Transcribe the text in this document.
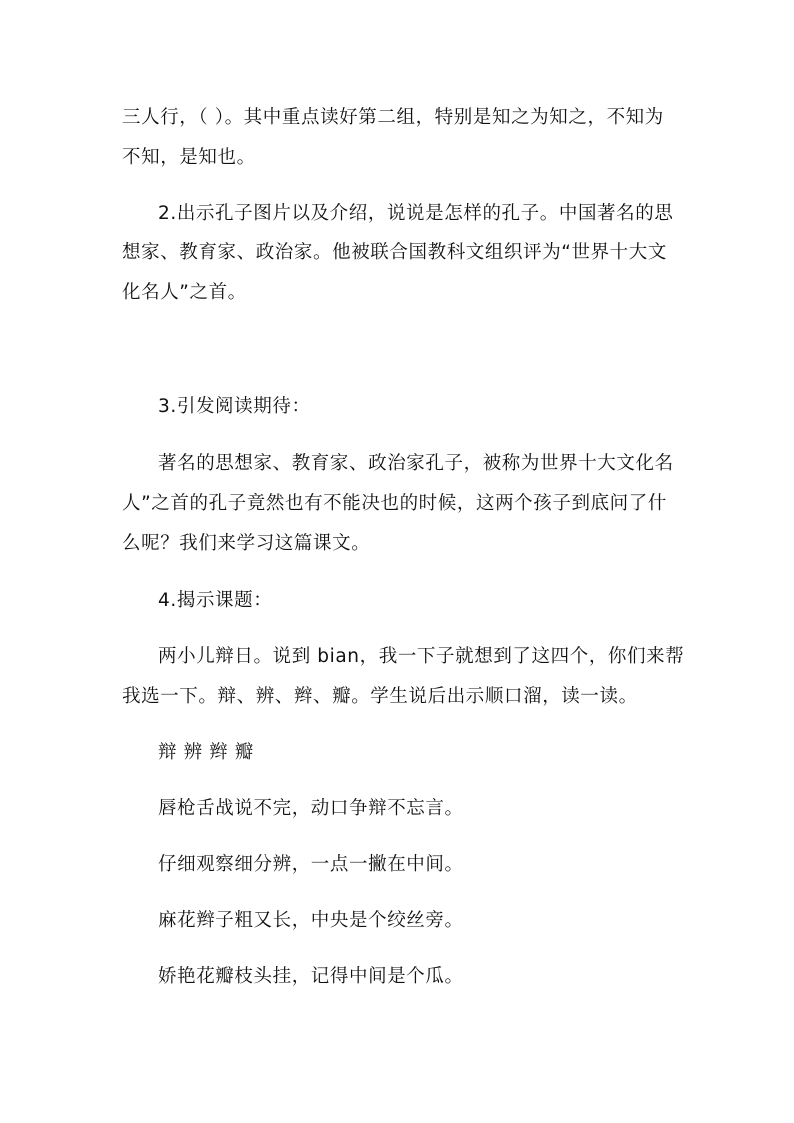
三人行，（ ）。其中重点读好第二组，特别是知之为知之，不知为
不知，是知也。
2.出示孔子图片以及介绍，说说是怎样的孔子。中国著名的思
想家、教育家、政治家。他被联合国教科文组织评为“世界十大文
化名人”之首。
3.引发阅读期待：
著名的思想家、教育家、政治家孔子，被称为世界十大文化名
人”之首的孔子竟然也有不能决也的时候，这两个孩子到底问了什
么呢？我们来学习这篇课文。
4.揭示课题：
两小儿辩日。说到 bian，我一下子就想到了这四个，你们来帮
我选一下。辩、辨、辫、瓣。学生说后出示顺口溜，读一读。
辩 辨 辫 瓣
唇枪舌战说不完，动口争辩不忘言。
仔细观察细分辨，一点一撇在中间。
麻花辫子粗又长，中央是个绞丝旁。
娇艳花瓣枝头挂，记得中间是个瓜。
